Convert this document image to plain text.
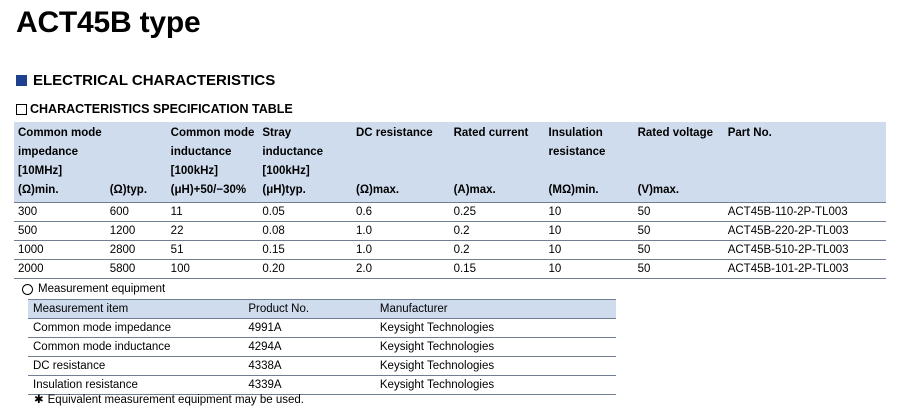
ACT45B type
ELECTRICAL CHARACTERISTICS
CHARACTERISTICS SPECIFICATION TABLE
Common mode		Common mode	Stray	DC resistance	Rated current	Insulation	Rated voltage	Part No.
impedance		inductance	inductance			resistance		
[10MHz]		[100kHz]	[100kHz]					
(Ω)min.	(Ω)typ.	(μH)+50/−30%	(μH)typ.	(Ω)max.	(A)max.	(MΩ)min.	(V)max.	
300	600	11	0.05	0.6	0.25	10	50	ACT45B-110-2P-TL003
500	1200	22	0.08	1.0	0.2	10	50	ACT45B-220-2P-TL003
1000	2800	51	0.15	1.0	0.2	10	50	ACT45B-510-2P-TL003
2000	5800	100	0.20	2.0	0.15	10	50	ACT45B-101-2P-TL003
Measurement equipment
Measurement item	Product No.	Manufacturer
Common mode impedance	4991A	Keysight Technologies
Common mode inductance	4294A	Keysight Technologies
DC resistance	4338A	Keysight Technologies
Insulation resistance	4339A	Keysight Technologies
✱ Equivalent measurement equipment may be used.
